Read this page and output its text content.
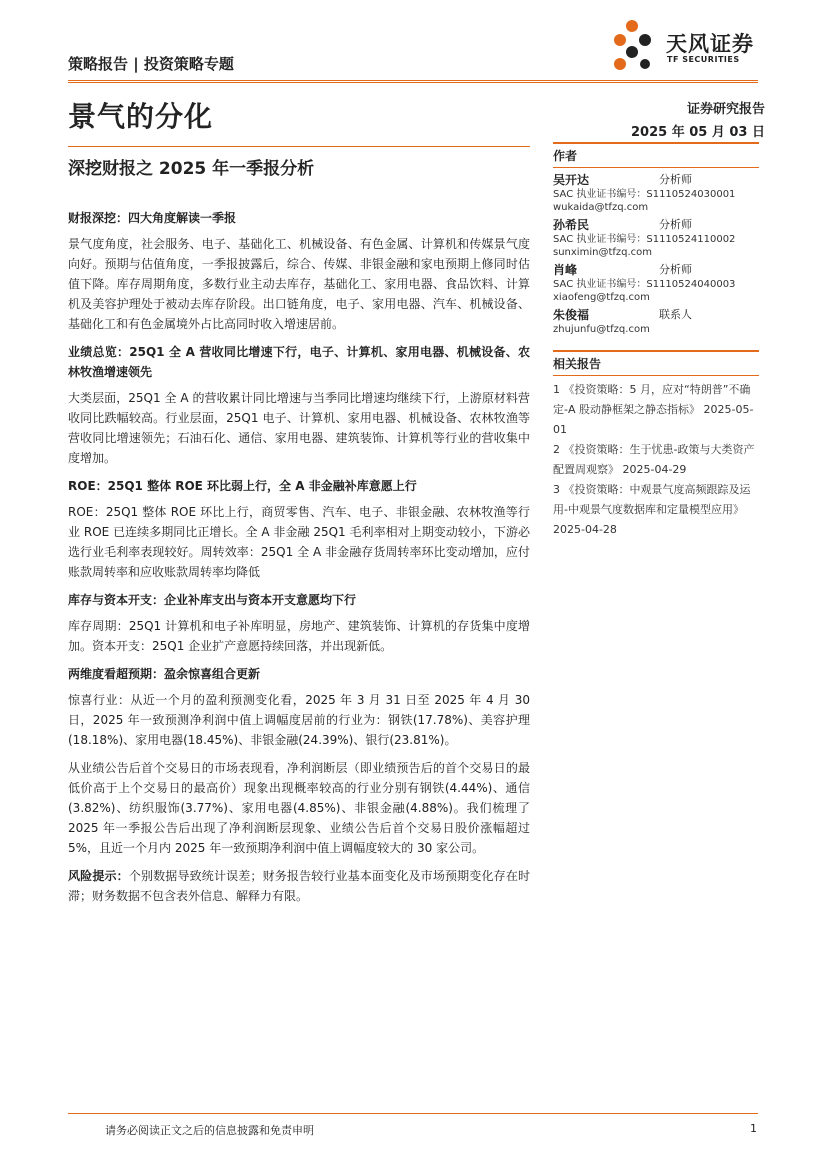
策略报告 | 投资策略专题
天风证券
TF SECURITIES
景气的分化	证券研究报告
2025 年 05 月 03 日
深挖财报之 2025 年一季报分析
财报深挖：四大角度解读一季报
景气度角度，社会服务、电子、基础化工、机械设备、有色金属、计算机和传媒景气度向好。预期与估值角度，一季报披露后，综合、传媒、非银金融和家电预期上修同时估值下降。库存周期角度，多数行业主动去库存，基础化工、家用电器、食品饮料、计算机及美容护理处于被动去库存阶段。出口链角度，电子、家用电器、汽车、机械设备、基础化工和有色金属境外占比高同时收入增速居前。
业绩总览：25Q1 全 A 营收同比增速下行，电子、计算机、家用电器、机械设备、农林牧渔增速领先
大类层面，25Q1 全 A 的营收累计同比增速与当季同比增速均继续下行，上游原材料营收同比跌幅较高。行业层面，25Q1 电子、计算机、家用电器、机械设备、农林牧渔等营收同比增速领先；石油石化、通信、家用电器、建筑装饰、计算机等行业的营收集中度增加。
ROE：25Q1 整体 ROE 环比弱上行，全 A 非金融补库意愿上行
ROE：25Q1 整体 ROE 环比上行，商贸零售、汽车、电子、非银金融、农林牧渔等行业 ROE 已连续多期同比正增长。全 A 非金融 25Q1 毛利率相对上期变动较小，下游必选行业毛利率表现较好。周转效率：25Q1 全 A 非金融存货周转率环比变动增加，应付账款周转率和应收账款周转率均降低
库存与资本开支：企业补库支出与资本开支意愿均下行
库存周期：25Q1 计算机和电子补库明显，房地产、建筑装饰、计算机的存货集中度增加。资本开支：25Q1 企业扩产意愿持续回落，并出现新低。
两维度看超预期：盈余惊喜组合更新
惊喜行业：从近一个月的盈利预测变化看，2025 年 3 月 31 日至 2025 年 4 月 30 日，2025 年一致预测净利润中值上调幅度居前的行业为：钢铁(17.78%)、美容护理(18.18%)、家用电器(18.45%)、非银金融(24.39%)、银行(23.81%)。
从业绩公告后首个交易日的市场表现看，净利润断层（即业绩预告后的首个交易日的最低价高于上个交易日的最高价）现象出现概率较高的行业分别有钢铁(4.44%)、通信(3.82%)、纺织服饰(3.77%)、家用电器(4.85%)、非银金融(4.88%)。我们梳理了 2025 年一季报公告后出现了净利润断层现象、业绩公告后首个交易日股价涨幅超过 5%，且近一个月内 2025 年一致预期净利润中值上调幅度较大的 30 家公司。
风险提示：个别数据导致统计误差；财务报告较行业基本面变化及市场预期变化存在时滞；财务数据不包含表外信息、解释力有限。
作者
吴开达	分析师
SAC 执业证书编号：S1110524030001
wukaida@tfzq.com
孙希民	分析师
SAC 执业证书编号：S1110524110002
sunximin@tfzq.com
肖峰	分析师
SAC 执业证书编号：S1110524040003
xiaofeng@tfzq.com
朱俊福	联系人
zhujunfu@tfzq.com
相关报告
1 《投资策略：5 月，应对“特朗普”不确定-A 股动静框架之静态指标》 2025-05-01
2 《投资策略：生于忧患-政策与大类资产配置周观察》 2025-04-29
3 《投资策略：中观景气度高频跟踪及运用-中观景气度数据库和定量模型应用》 2025-04-28
请务必阅读正文之后的信息披露和免责申明	1
